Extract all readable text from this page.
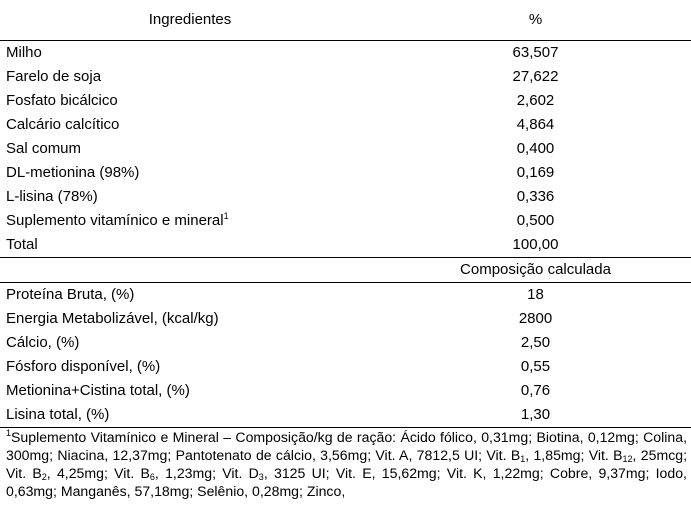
Ingredientes	%
Milho	63,507
Farelo de soja	27,622
Fosfato bicálcico	2,602
Calcário calcítico	4,864
Sal comum	0,400
DL-metionina (98%)	0,169
L-lisina (78%)	0,336
Suplemento vitamínico e mineral$^1$	0,500
Total	100,00
	Composição calculada
Proteína Bruta, (%)	18
Energia Metabolizável, (kcal/kg)	2800
Cálcio, (%)	2,50
Fósforo disponível, (%)	0,55
Metionina+Cistina total, (%)	0,76
Lisina total, (%)	1,30

$^1$Suplemento Vitamínico e Mineral – Composição/kg de ração: Ácido fólico, 0,31mg; Biotina, 0,12mg; Colina, 300mg; Niacina, 12,37mg; Pantotenato de cálcio, 3,56mg; Vit. A, 7812,5 UI; Vit. $B_1$, 1,85mg; Vit. $B_{12}$, 25mcg; Vit. $B_2$, 4,25mg; Vit. $B_6$, 1,23mg; Vit. $D_3$, 3125 UI; Vit. E, 15,62mg; Vit. K, 1,22mg; Cobre, 9,37mg; Iodo, 0,63mg; Manganês, 57,18mg; Selênio, 0,28mg; Zinco,
